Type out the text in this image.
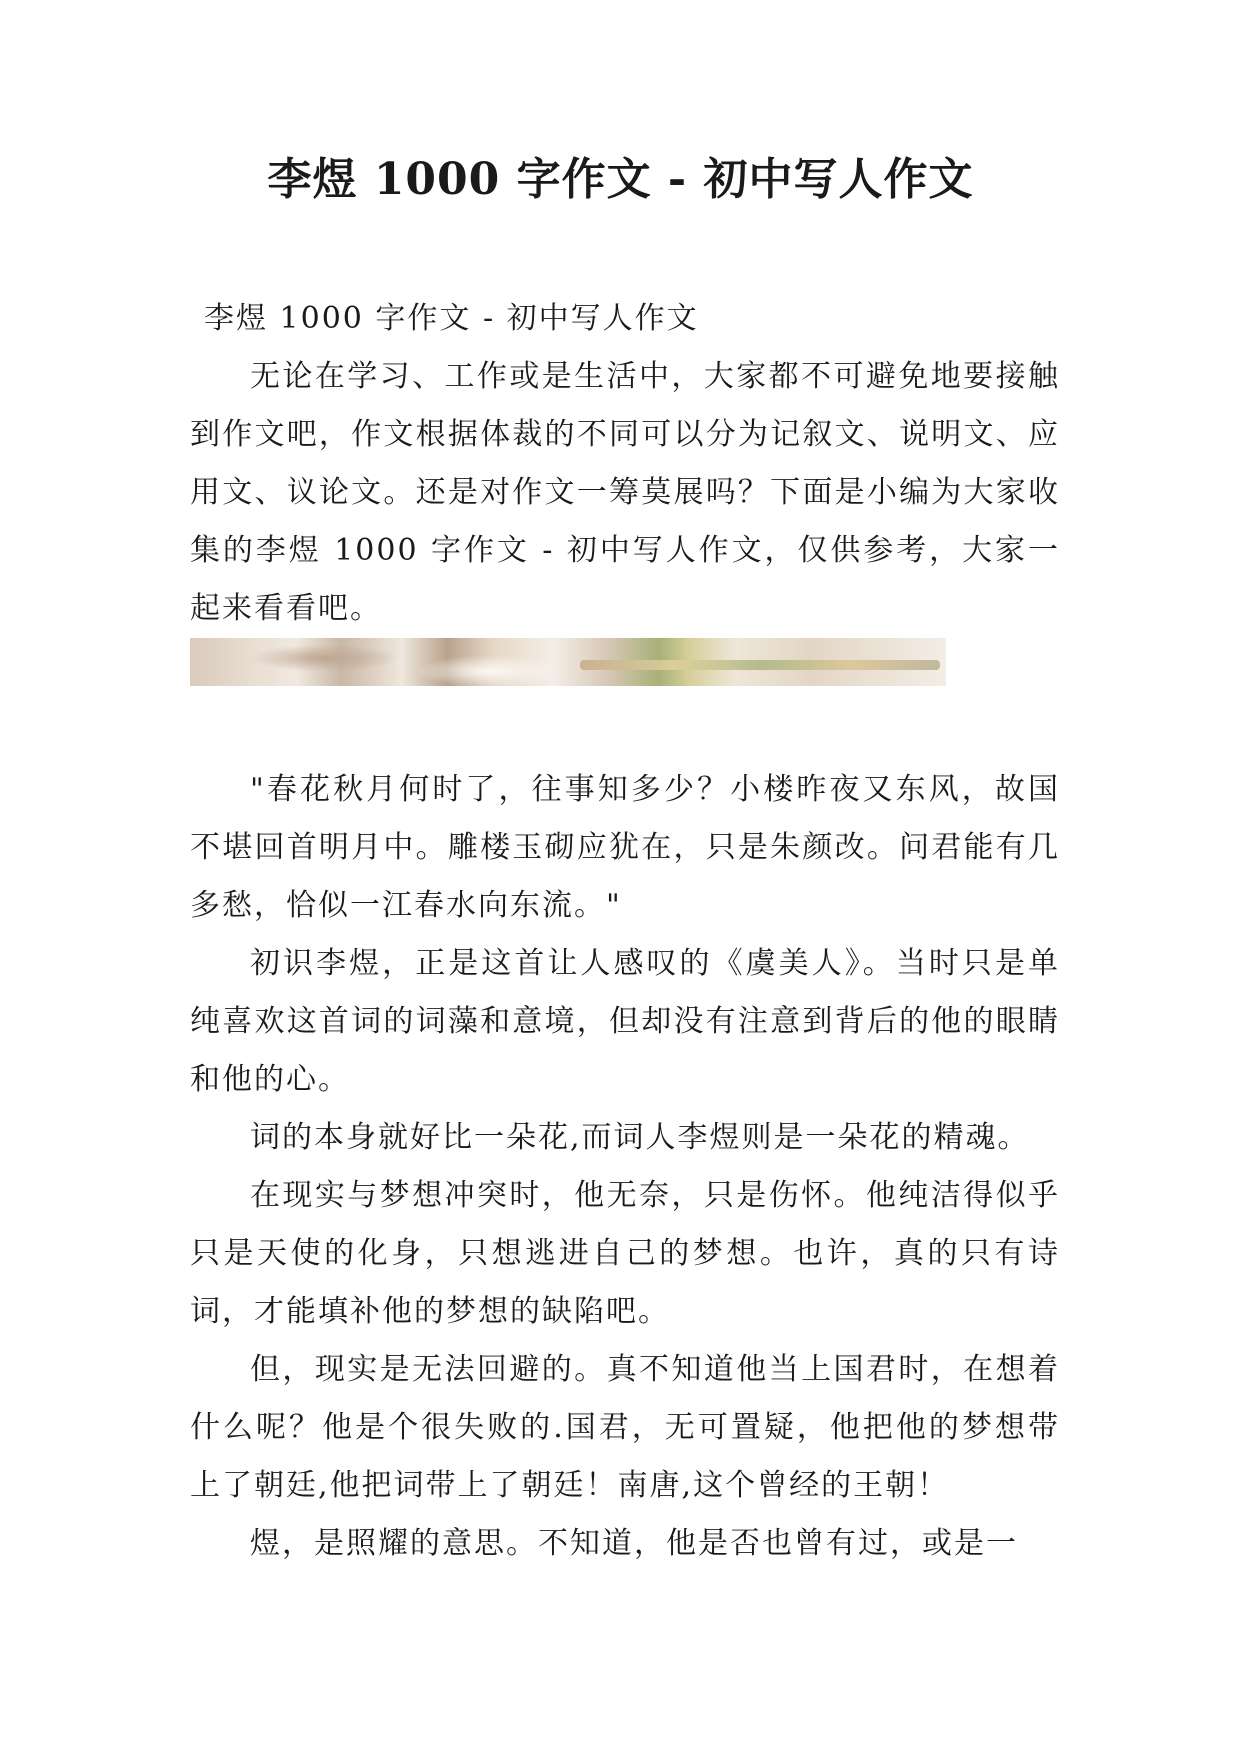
李煜 1000 字作文 - 初中写人作文

李煜 1000 字作文 - 初中写人作文

无论在学习、工作或是生活中，大家都不可避免地要接触到作文吧，作文根据体裁的不同可以分为记叙文、说明文、应用文、议论文。还是对作文一筹莫展吗？下面是小编为大家收集的李煜 1000 字作文 - 初中写人作文，仅供参考，大家一起来看看吧。

"春花秋月何时了，往事知多少？小楼昨夜又东风，故国不堪回首明月中。雕楼玉砌应犹在，只是朱颜改。问君能有几多愁，恰似一江春水向东流。"

初识李煜，正是这首让人感叹的《虞美人》。当时只是单纯喜欢这首词的词藻和意境，但却没有注意到背后的他的眼睛和他的心。

词的本身就好比一朵花,而词人李煜则是一朵花的精魂。

在现实与梦想冲突时，他无奈，只是伤怀。他纯洁得似乎只是天使的化身，只想逃进自己的梦想。也许，真的只有诗词，才能填补他的梦想的缺陷吧。

但，现实是无法回避的。真不知道他当上国君时，在想着什么呢？他是个很失败的.国君，无可置疑，他把他的梦想带上了朝廷,他把词带上了朝廷！南唐,这个曾经的王朝！

煜，是照耀的意思。不知道，他是否也曾有过，或是一
